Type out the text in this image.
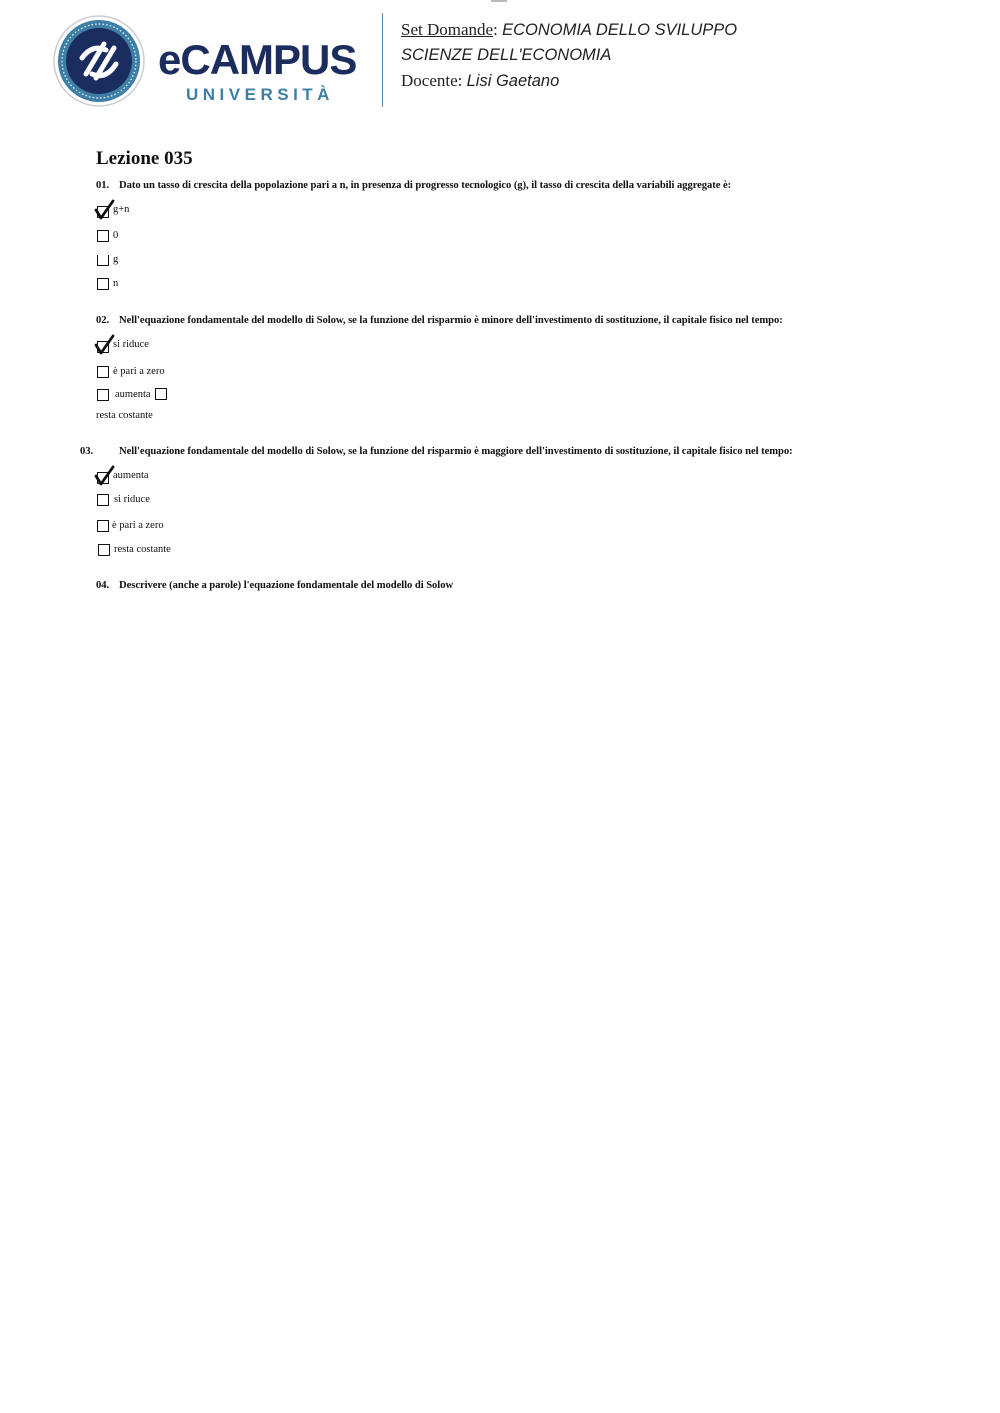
eCAMPUS
UNIVERSITÀ
Set Domande: ECONOMIA DELLO SVILUPPO
SCIENZE DELL'ECONOMIA
Docente: Lisi Gaetano
Lezione 035
01. Dato un tasso di crescita della popolazione pari a n, in presenza di progresso tecnologico (g), il tasso di crescita della variabili aggregate è:
g+n
0
g
n
02. Nell'equazione fondamentale del modello di Solow, se la funzione del risparmio è minore dell'investimento di sostituzione, il capitale fisico nel tempo:
si riduce
è pari a zero
aumenta
resta costante
03. Nell'equazione fondamentale del modello di Solow, se la funzione del risparmio è maggiore dell'investimento di sostituzione, il capitale fisico nel tempo:
aumenta
si riduce
è pari a zero
resta costante
04. Descrivere (anche a parole) l'equazione fondamentale del modello di Solow
